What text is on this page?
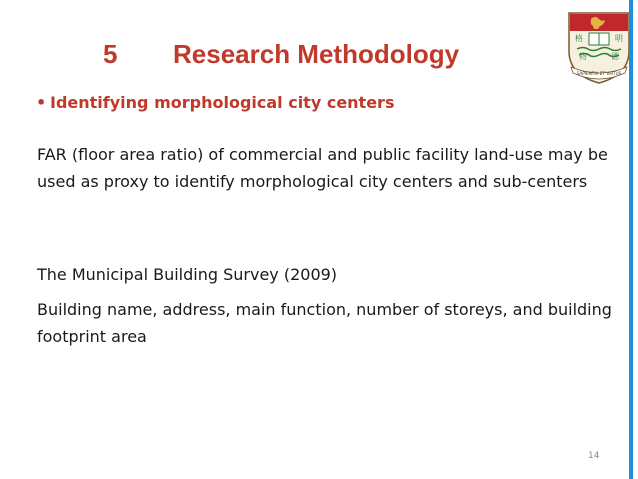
5 Research Methodology
格	明
物	德
SAPIENTIA ET VIRTUS
• Identifying morphological city centers
FAR (floor area ratio) of commercial and public facility land-use may be used as proxy to identify morphological city centers and sub-centers
The Municipal Building Survey (2009)
Building name, address, main function, number of storeys, and building footprint area
14
